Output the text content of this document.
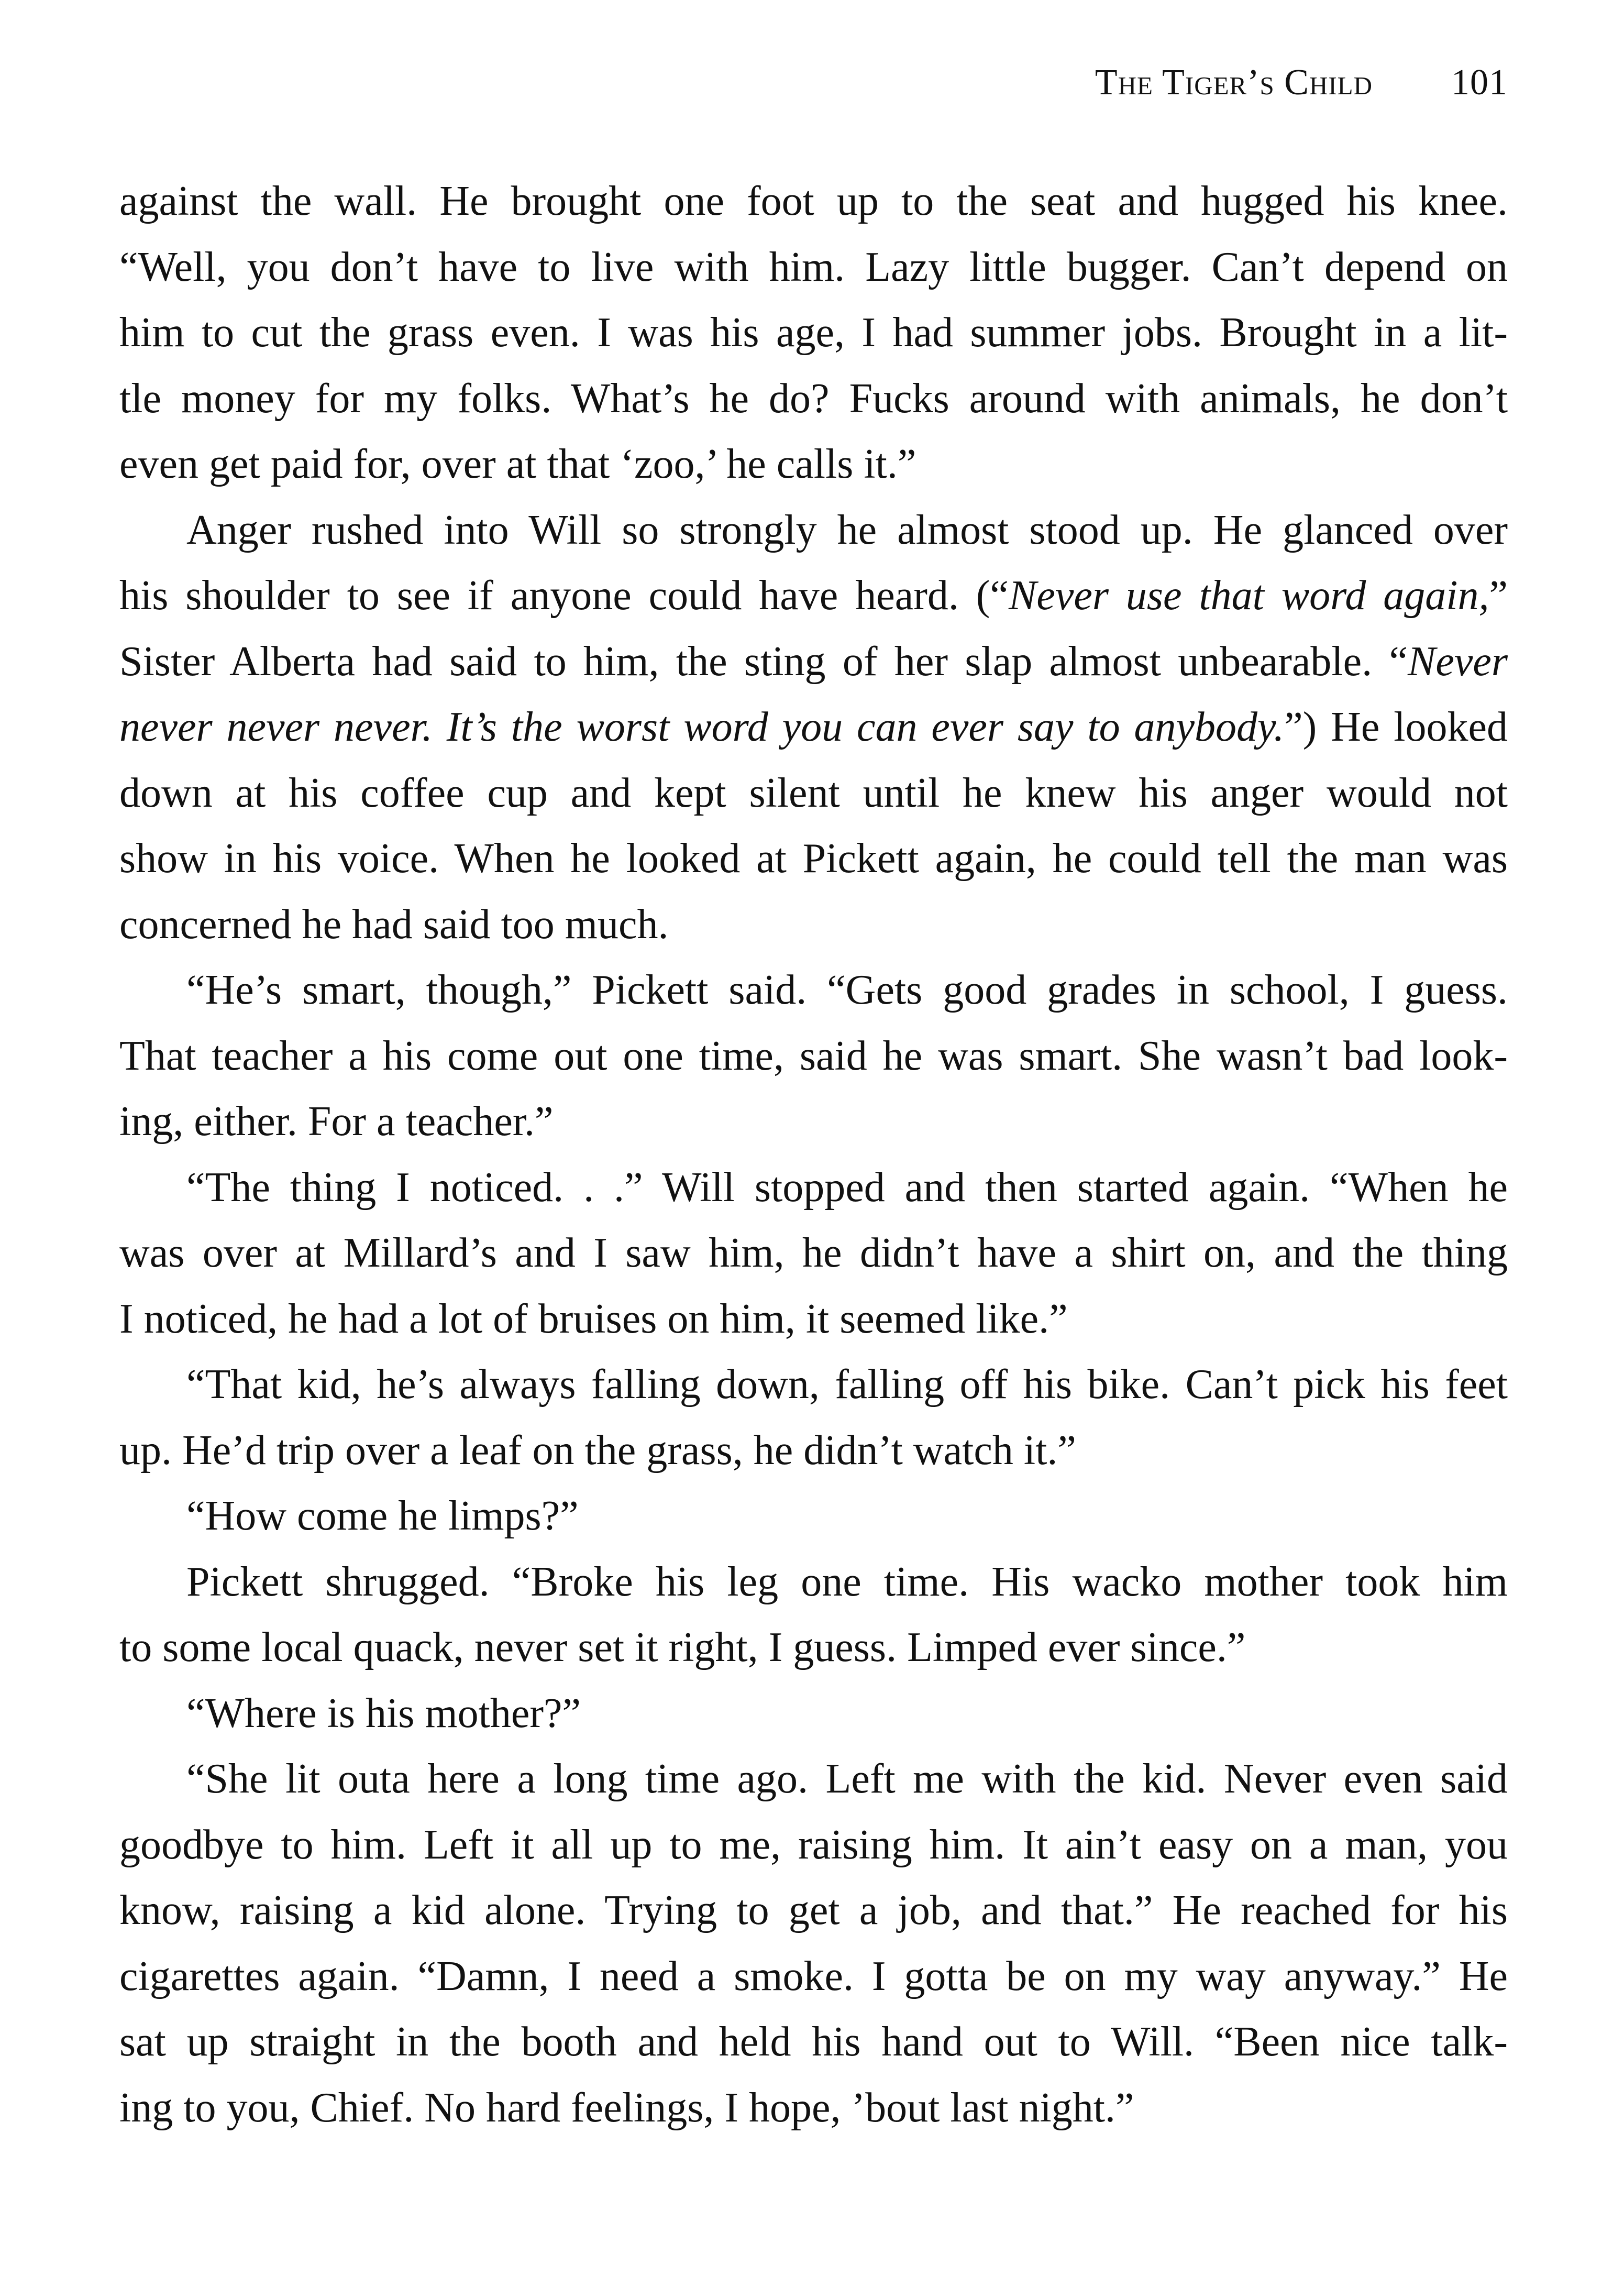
The Tiger’s Child 101

against the wall. He brought one foot up to the seat and hugged his knee.
“Well, you don’t have to live with him. Lazy little bugger. Can’t depend on
him to cut the grass even. I was his age, I had summer jobs. Brought in a lit-
tle money for my folks. What’s he do? Fucks around with animals, he don’t
even get paid for, over at that ‘zoo,’ he calls it.”

Anger rushed into Will so strongly he almost stood up. He glanced over
his shoulder to see if anyone could have heard. (“Never use that word again,”
Sister Alberta had said to him, the sting of her slap almost unbearable. “Never
never never never. It’s the worst word you can ever say to anybody.”) He looked
down at his coffee cup and kept silent until he knew his anger would not
show in his voice. When he looked at Pickett again, he could tell the man was
concerned he had said too much.

“He’s smart, though,” Pickett said. “Gets good grades in school, I guess.
That teacher a his come out one time, said he was smart. She wasn’t bad look-
ing, either. For a teacher.”

“The thing I noticed. . .” Will stopped and then started again. “When he
was over at Millard’s and I saw him, he didn’t have a shirt on, and the thing
I noticed, he had a lot of bruises on him, it seemed like.”

“That kid, he’s always falling down, falling off his bike. Can’t pick his feet
up. He’d trip over a leaf on the grass, he didn’t watch it.”

“How come he limps?”

Pickett shrugged. “Broke his leg one time. His wacko mother took him
to some local quack, never set it right, I guess. Limped ever since.”

“Where is his mother?”

“She lit outa here a long time ago. Left me with the kid. Never even said
goodbye to him. Left it all up to me, raising him. It ain’t easy on a man, you
know, raising a kid alone. Trying to get a job, and that.” He reached for his
cigarettes again. “Damn, I need a smoke. I gotta be on my way anyway.” He
sat up straight in the booth and held his hand out to Will. “Been nice talk-
ing to you, Chief. No hard feelings, I hope, ’bout last night.”
